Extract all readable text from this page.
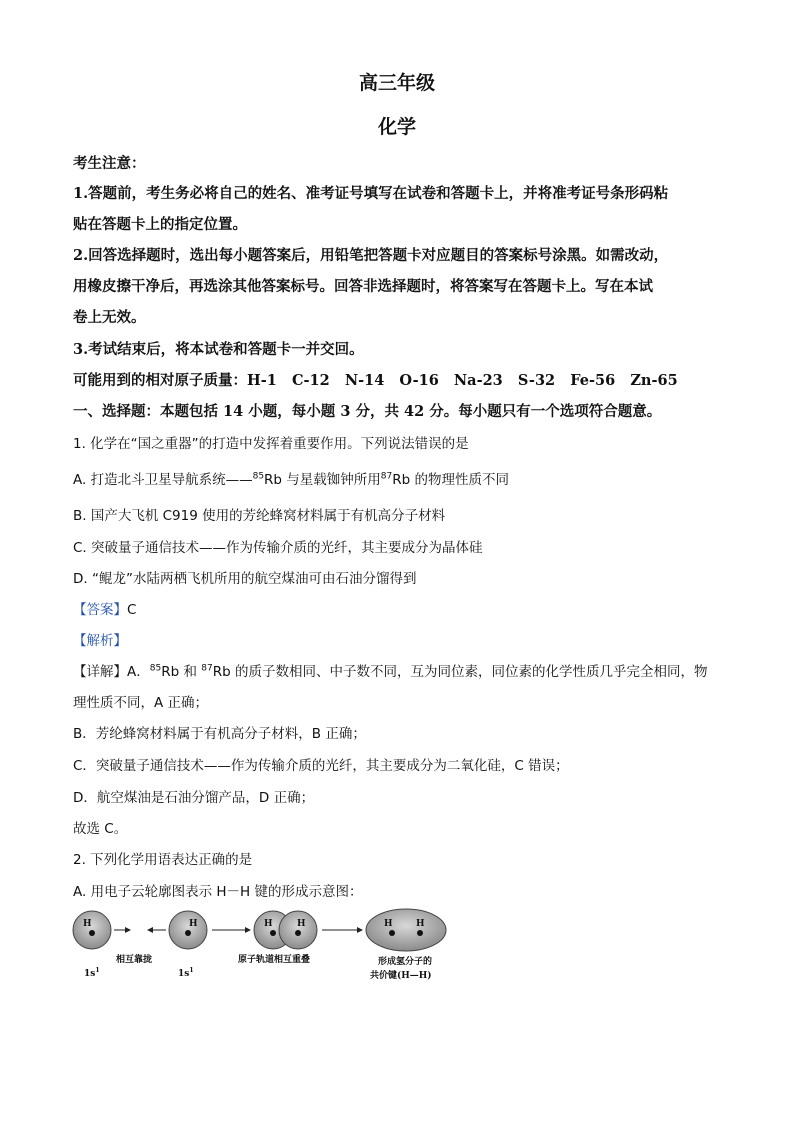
高三年级
化学
考生注意：
1.答题前，考生务必将自己的姓名、准考证号填写在试卷和答题卡上，并将准考证号条形码粘
贴在答题卡上的指定位置。
2.回答选择题时，选出每小题答案后，用铅笔把答题卡对应题目的答案标号涂黑。如需改动，
用橡皮擦干净后，再选涂其他答案标号。回答非选择题时，将答案写在答题卡上。写在本试
卷上无效。
3.考试结束后，将本试卷和答题卡一并交回。
可能用到的相对原子质量：H-1   C-12   N-14   O-16   Na-23   S-32   Fe-56   Zn-65
一、选择题：本题包括 14 小题，每小题 3 分，共 42 分。每小题只有一个选项符合题意。
1. 化学在“国之重器”的打造中发挥着重要作用。下列说法错误的是
A. 打造北斗卫星导航系统——$^{85}$Rb 与星载铷钟所用$^{87}$Rb 的物理性质不同
B. 国产大飞机 C919 使用的芳纶蜂窝材料属于有机高分子材料
C. 突破量子通信技术——作为传输介质的光纤，其主要成分为晶体硅
D. “鲲龙”水陆两栖飞机所用的航空煤油可由石油分馏得到
【答案】C
【解析】
【详解】A．$^{85}$Rb 和 $^{87}$Rb 的质子数相同、中子数不同，互为同位素，同位素的化学性质几乎完全相同，物
理性质不同，A 正确；
B．芳纶蜂窝材料属于有机高分子材料，B 正确；
C．突破量子通信技术——作为传输介质的光纤，其主要成分为二氧化硅，C 错误；
D．航空煤油是石油分馏产品，D 正确；
故选 C。
2. 下列化学用语表达正确的是
A. 用电子云轮廓图表示 H－H 键的形成示意图：
H
相互靠拢
H
$1s^1$	$1s^1$
H	H
原子轨道相互重叠
H	H
形成氢分子的
共价键(H—H)
